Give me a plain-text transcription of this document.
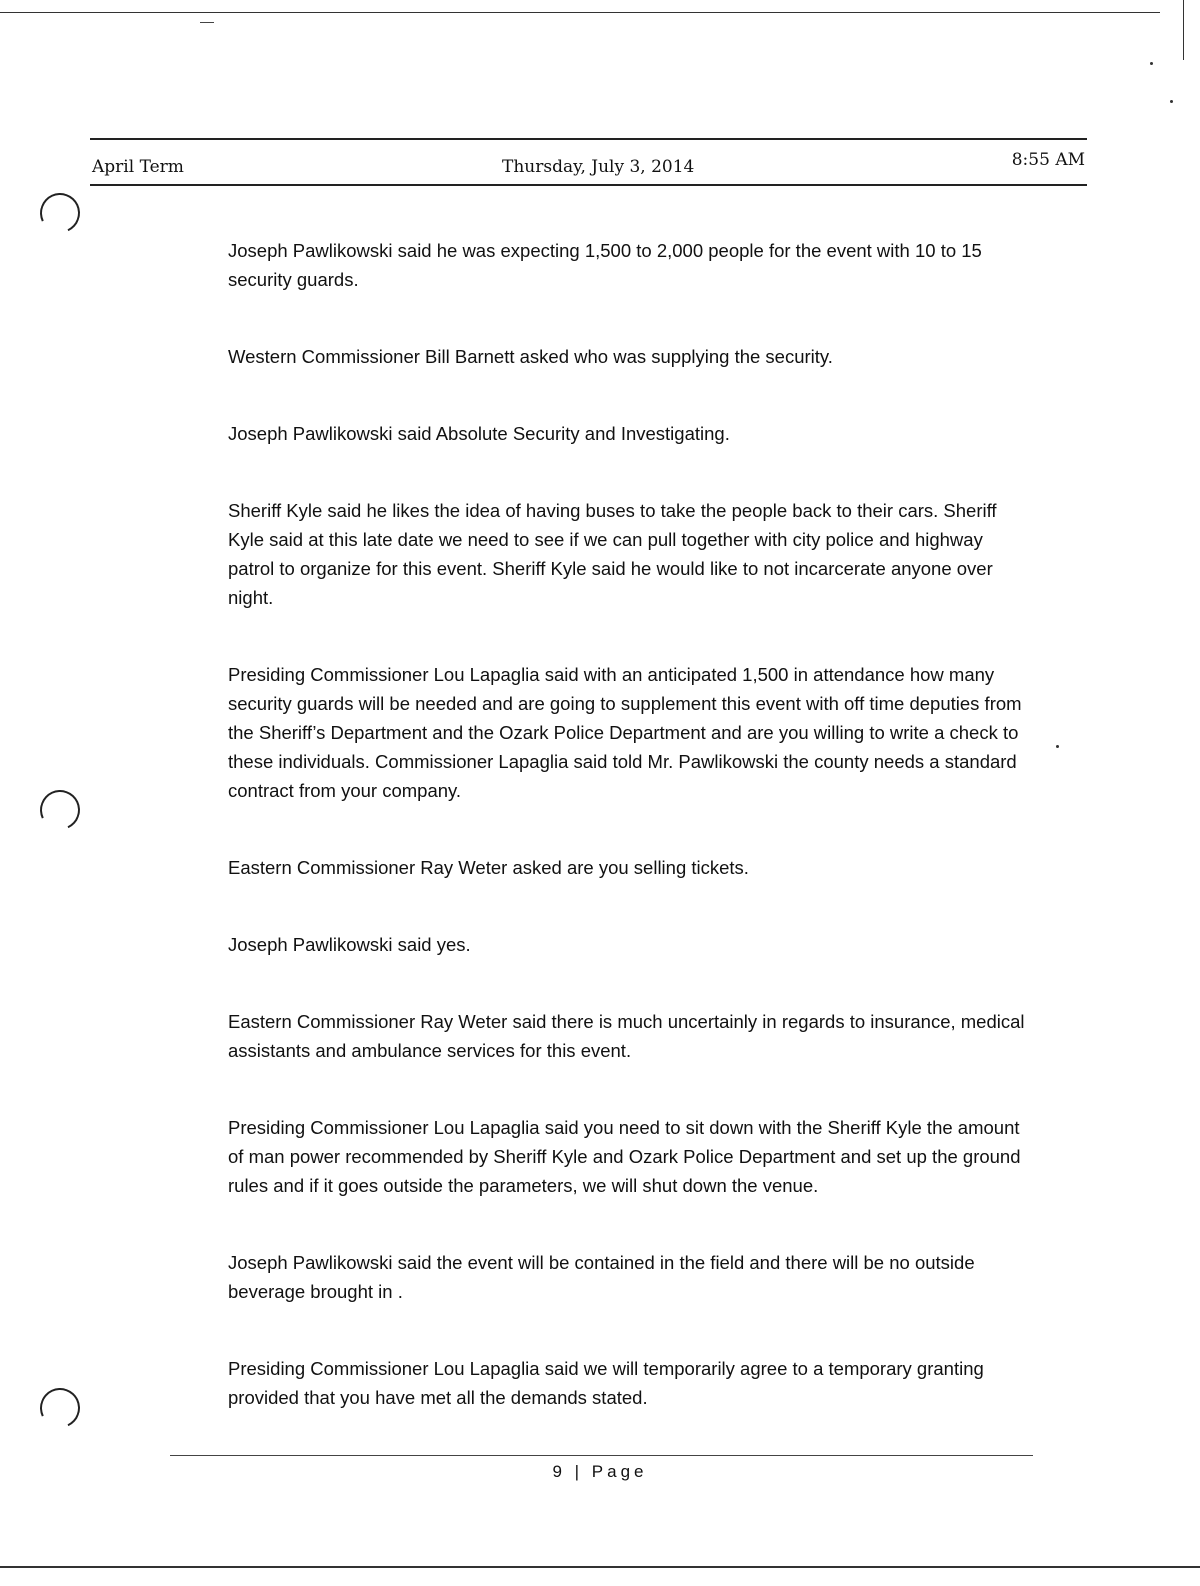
April Term	Thursday, July 3, 2014	8:55 AM

Joseph Pawlikowski said he was expecting 1,500 to 2,000 people for the event with 10 to 15 security guards.

Western Commissioner Bill Barnett asked who was supplying the security.

Joseph Pawlikowski said Absolute Security and Investigating.

Sheriff Kyle said he likes the idea of having buses to take the people back to their cars. Sheriff Kyle said at this late date we need to see if we can pull together with city police and highway patrol to organize for this event. Sheriff Kyle said he would like to not incarcerate anyone over night.

Presiding Commissioner Lou Lapaglia said with an anticipated 1,500 in attendance how many security guards will be needed and are going to supplement this event with off time deputies from the Sheriff’s Department and the Ozark Police Department and are you willing to write a check to these individuals. Commissioner Lapaglia said told Mr. Pawlikowski the county needs a standard contract from your company.

Eastern Commissioner Ray Weter asked are you selling tickets.

Joseph Pawlikowski said yes.

Eastern Commissioner Ray Weter said there is much uncertainly in regards to insurance, medical assistants and ambulance services for this event.

Presiding Commissioner Lou Lapaglia said you need to sit down with the Sheriff Kyle the amount of man power recommended by Sheriff Kyle and Ozark Police Department and set up the ground rules and if it goes outside the parameters, we will shut down the venue.

Joseph Pawlikowski said the event will be contained in the field and there will be no outside beverage brought in .

Presiding Commissioner Lou Lapaglia said we will temporarily agree to a temporary granting provided that you have met all the demands stated.

9 | Page
